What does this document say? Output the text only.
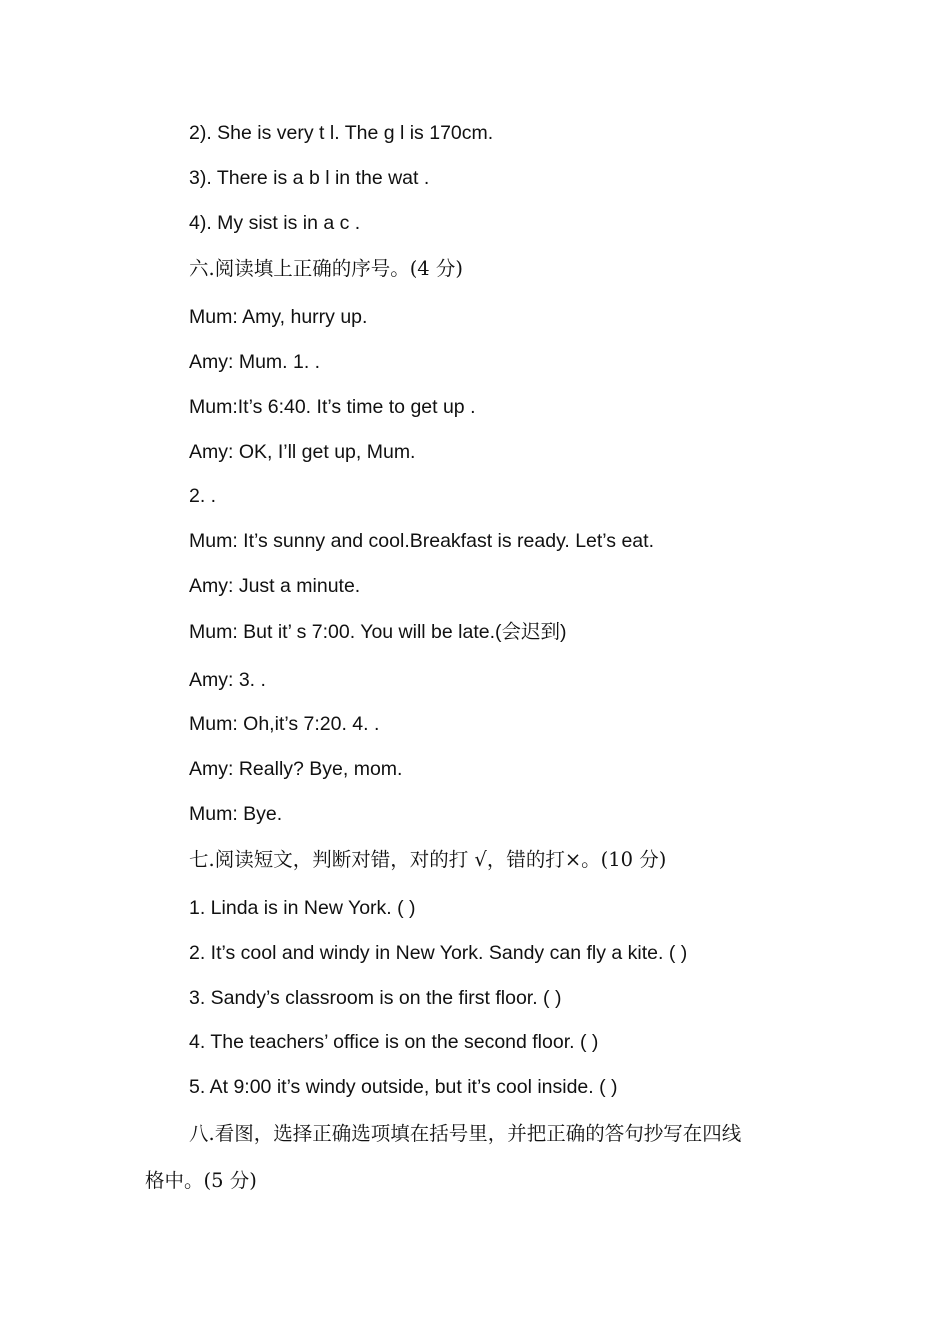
2). She is very t l. The g l is 170cm.
3). There is a b l in the wat .
4). My sist is in a c .
六.阅读填上正确的序号。(4 分)
Mum: Amy, hurry up.
Amy: Mum. 1. .
Mum:It’s 6:40. It’s time to get up .
Amy: OK, I’ll get up, Mum.
2. .
Mum: It’s sunny and cool.Breakfast is ready. Let’s eat.
Amy: Just a minute.
Mum: But it’ s 7:00. You will be late.(会迟到)
Amy: 3. .
Mum: Oh,it’s 7:20. 4. .
Amy: Really? Bye, mom.
Mum: Bye.
七.阅读短文，判断对错，对的打 √，错的打×。(10 分)
1. Linda is in New York. ( )
2. It’s cool and windy in New York. Sandy can fly a kite. ( )
3. Sandy’s classroom is on the first floor. ( )
4. The teachers’ office is on the second floor. ( )
5. At 9:00 it’s windy outside, but it’s cool inside. ( )
八.看图，选择正确选项填在括号里，并把正确的答句抄写在四线
格中。(5 分)
